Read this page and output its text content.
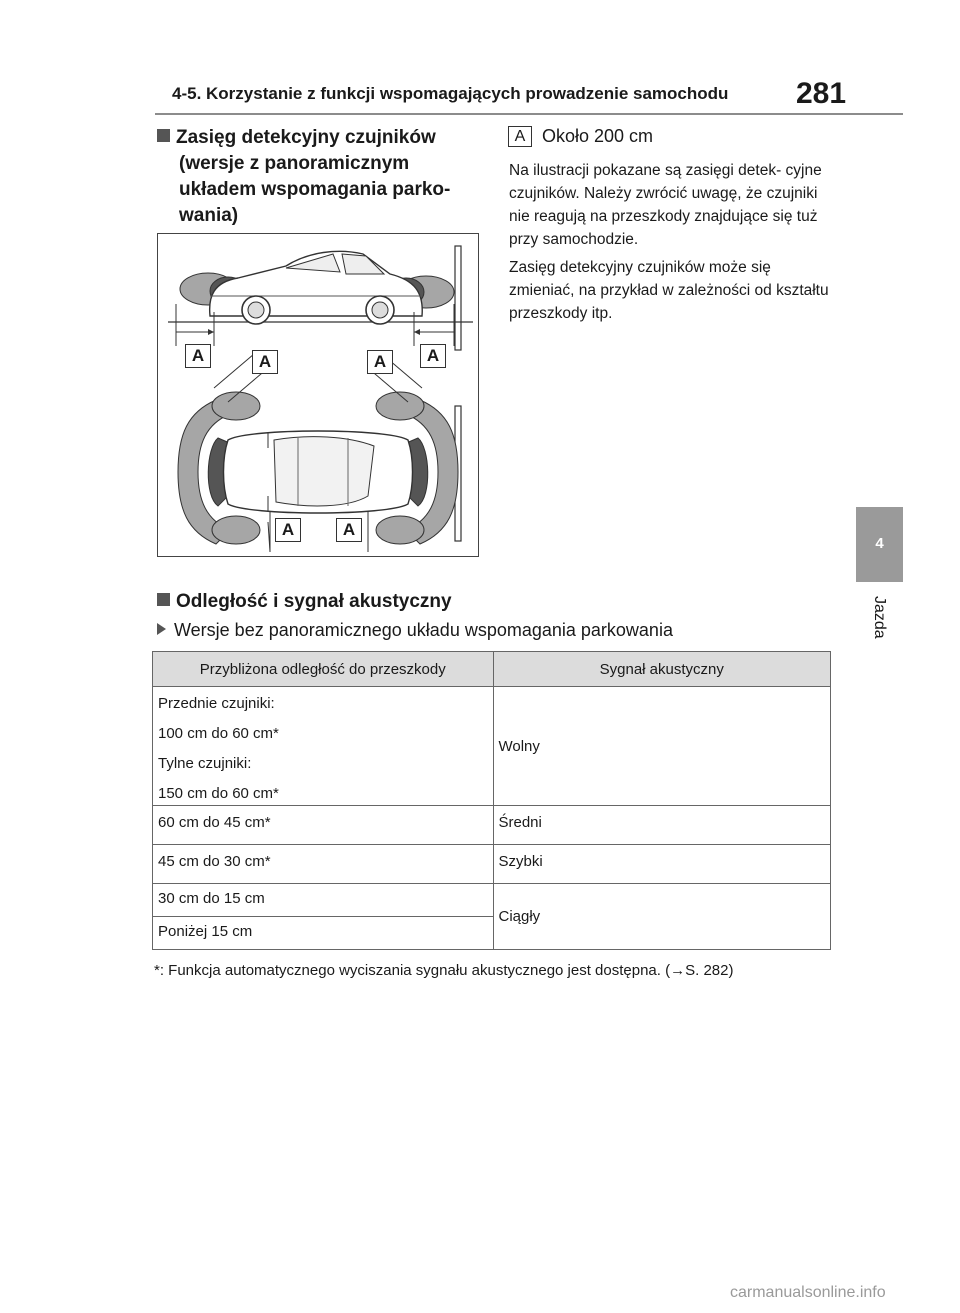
4-5. Korzystanie z funkcji wspomagających prowadzenie samochodu 281
4
Jazda
Zasięg detekcyjny czujników
(wersje z panoramicznym
układem wspomagania parko-
wania)
A	A	A	A
A	A
A Około 200 cm
Na ilustracji pokazane są zasięgi detek- cyjne czujników. Należy zwrócić uwagę, że czujniki nie reagują na przeszkody znajdujące się tuż przy samochodzie.
Zasięg detekcyjny czujników może się zmieniać, na przykład w zależności od kształtu przeszkody itp.
Odległość i sygnał akustyczny
Wersje bez panoramicznego układu wspomagania parkowania
Przybliżona odległość do przeszkody	Sygnał akustyczny

Przednie czujniki:
100 cm do 60 cm*
Tylne czujniki:
150 cm do 60 cm*	Wolny
60 cm do 45 cm*	Średni
45 cm do 30 cm*	Szybki
30 cm do 15 cm	Ciągły
Poniżej 15 cm	
*: Funkcja automatycznego wyciszania sygnału akustycznego jest dostępna. (→S. 282)
carmanualsonline.info
